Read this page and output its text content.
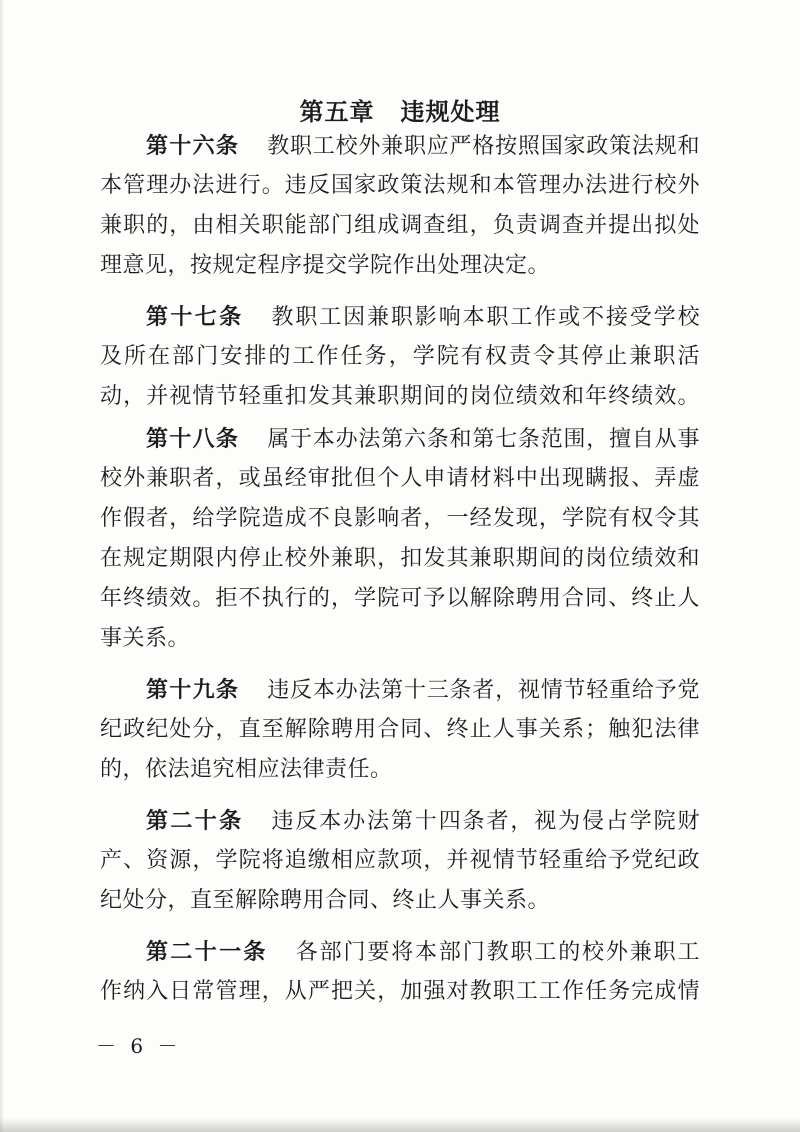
第五章 违规处理
第十六条 教职工校外兼职应严格按照国家政策法规和
本管理办法进行。违反国家政策法规和本管理办法进行校外
兼职的，由相关职能部门组成调查组，负责调查并提出拟处
理意见，按规定程序提交学院作出处理决定。
第十七条 教职工因兼职影响本职工作或不接受学校
及所在部门安排的工作任务，学院有权责令其停止兼职活
动，并视情节轻重扣发其兼职期间的岗位绩效和年终绩效。
第十八条 属于本办法第六条和第七条范围，擅自从事
校外兼职者，或虽经审批但个人申请材料中出现瞒报、弄虚
作假者，给学院造成不良影响者，一经发现，学院有权令其
在规定期限内停止校外兼职，扣发其兼职期间的岗位绩效和
年终绩效。拒不执行的，学院可予以解除聘用合同、终止人
事关系。
第十九条 违反本办法第十三条者，视情节轻重给予党
纪政纪处分，直至解除聘用合同、终止人事关系；触犯法律
的，依法追究相应法律责任。
第二十条 违反本办法第十四条者，视为侵占学院财
产、资源，学院将追缴相应款项，并视情节轻重给予党纪政
纪处分，直至解除聘用合同、终止人事关系。
第二十一条 各部门要将本部门教职工的校外兼职工
作纳入日常管理，从严把关，加强对教职工工作任务完成情
－ 6 －
